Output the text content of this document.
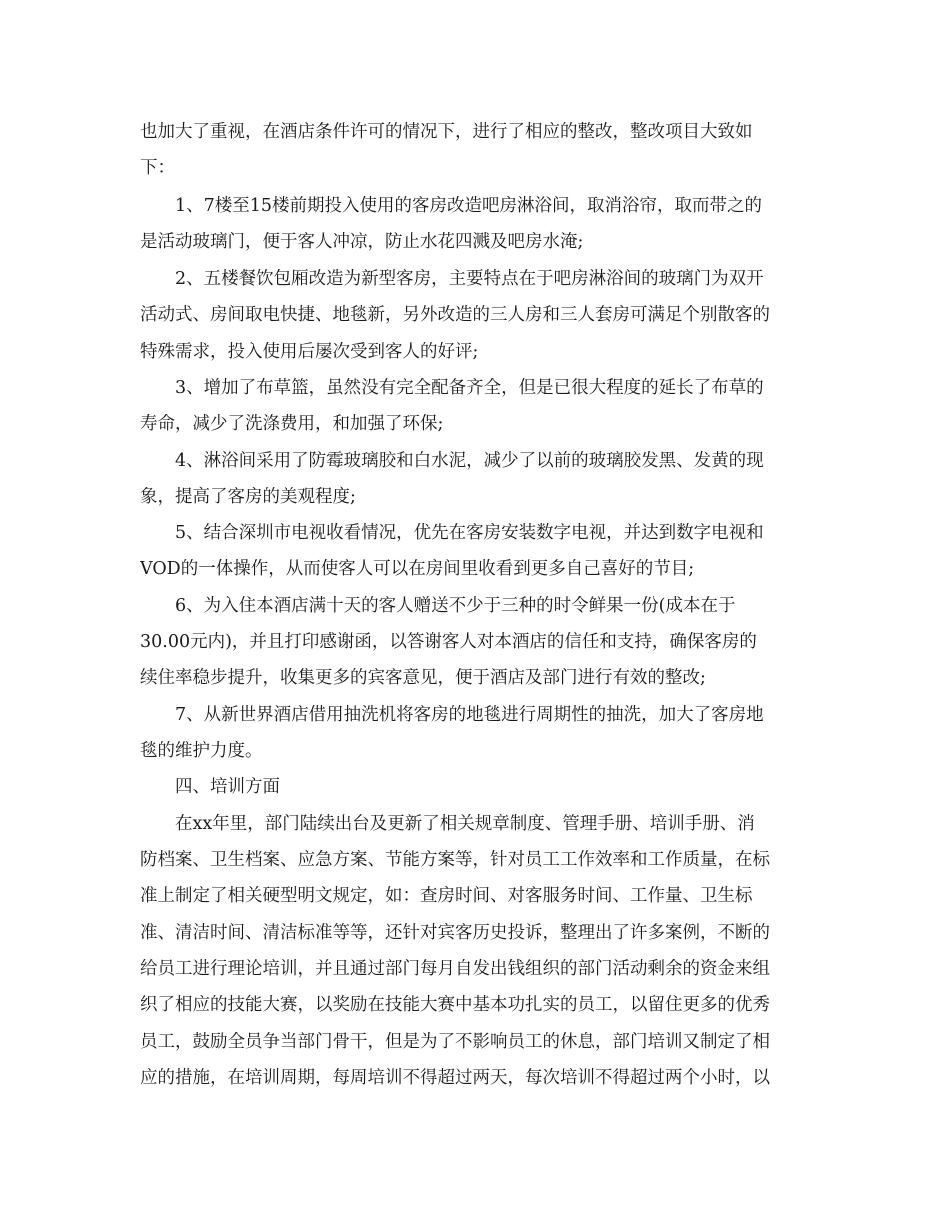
也加大了重视，在酒店条件许可的情况下，进行了相应的整改，整改项目大致如
下：
1、7楼至15楼前期投入使用的客房改造吧房淋浴间，取消浴帘，取而带之的
是活动玻璃门，便于客人冲凉，防止水花四溅及吧房水淹;
2、五楼餐饮包厢改造为新型客房，主要特点在于吧房淋浴间的玻璃门为双开
活动式、房间取电快捷、地毯新，另外改造的三人房和三人套房可满足个别散客的
特殊需求，投入使用后屡次受到客人的好评;
3、增加了布草篮，虽然没有完全配备齐全，但是已很大程度的延长了布草的
寿命，减少了洗涤费用，和加强了环保;
4、淋浴间采用了防霉玻璃胶和白水泥，减少了以前的玻璃胶发黑、发黄的现
象，提高了客房的美观程度;
5、结合深圳市电视收看情况，优先在客房安装数字电视，并达到数字电视和
VOD的一体操作，从而使客人可以在房间里收看到更多自己喜好的节目;
6、为入住本酒店满十天的客人赠送不少于三种的时令鲜果一份(成本在于
30.00元内)，并且打印感谢函，以答谢客人对本酒店的信任和支持，确保客房的
续住率稳步提升，收集更多的宾客意见，便于酒店及部门进行有效的整改;
7、从新世界酒店借用抽洗机将客房的地毯进行周期性的抽洗，加大了客房地
毯的维护力度。
四、培训方面
在xx年里，部门陆续出台及更新了相关规章制度、管理手册、培训手册、消
防档案、卫生档案、应急方案、节能方案等，针对员工工作效率和工作质量，在标
准上制定了相关硬型明文规定，如：查房时间、对客服务时间、工作量、卫生标
准、清洁时间、清洁标准等等，还针对宾客历史投诉，整理出了许多案例，不断的
给员工进行理论培训，并且通过部门每月自发出钱组织的部门活动剩余的资金来组
织了相应的技能大赛，以奖励在技能大赛中基本功扎实的员工，以留住更多的优秀
员工，鼓励全员争当部门骨干，但是为了不影响员工的休息，部门培训又制定了相
应的措施，在培训周期，每周培训不得超过两天，每次培训不得超过两个小时，以
